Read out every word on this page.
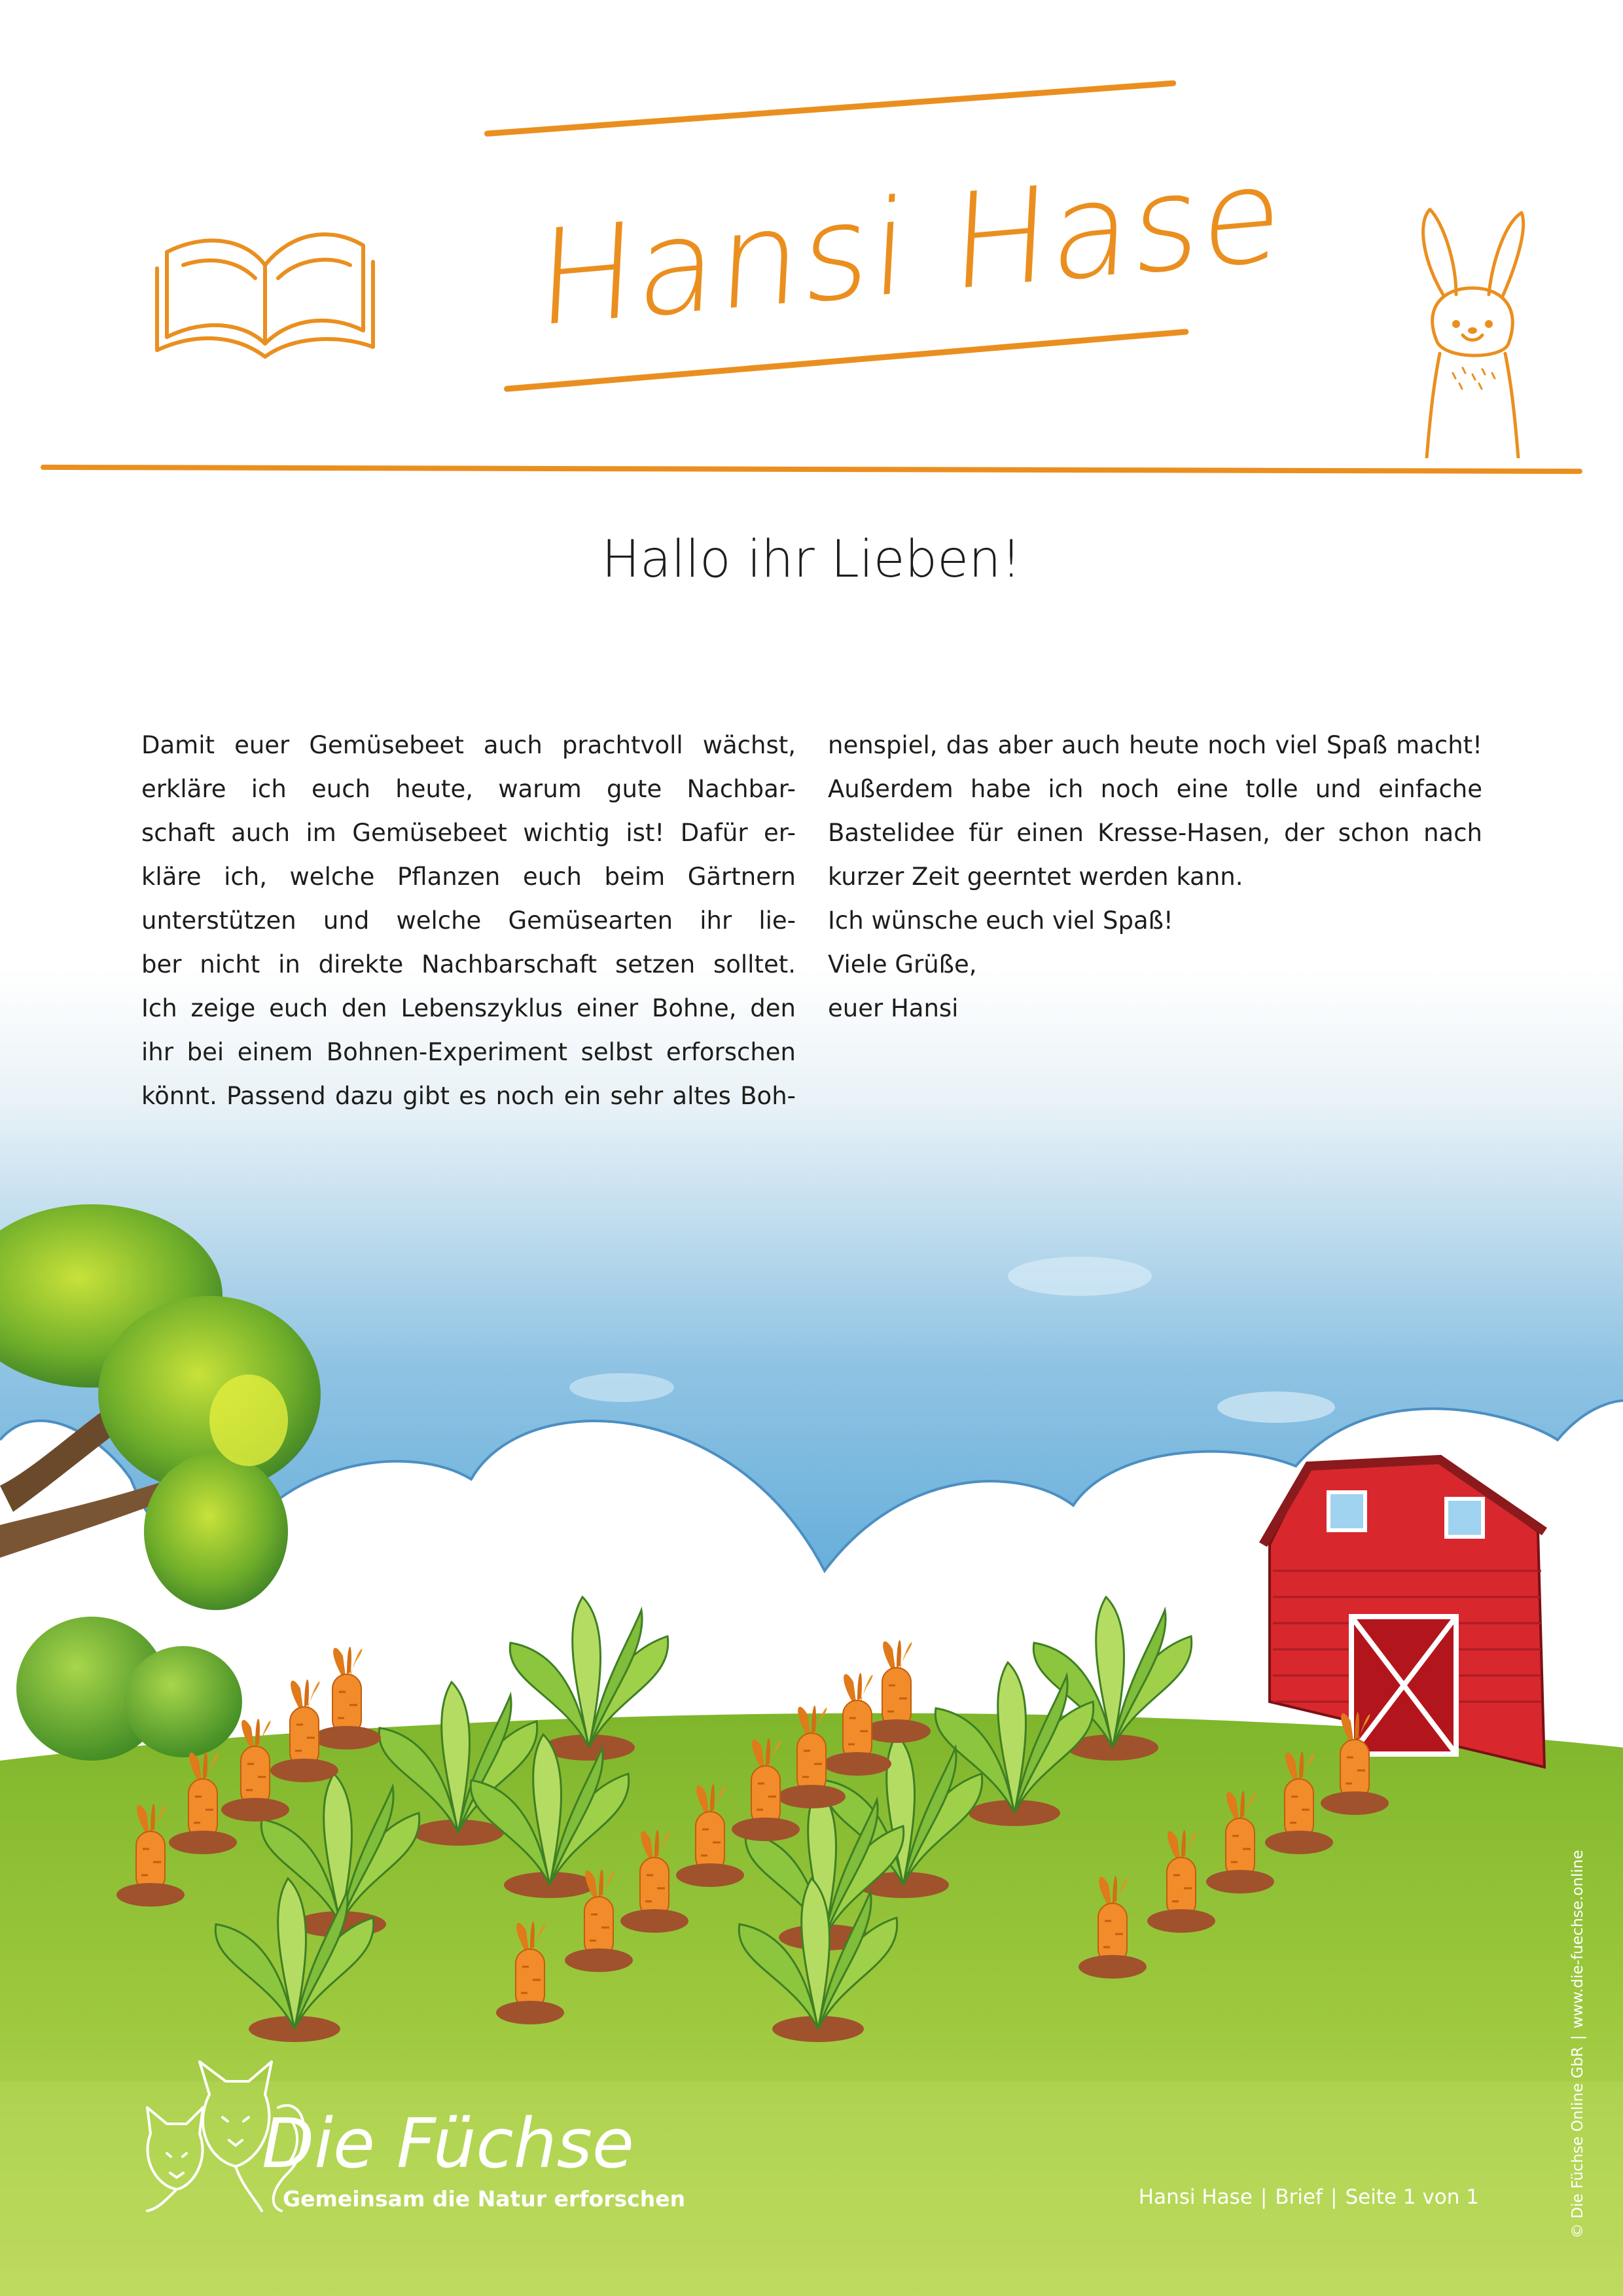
Hansi Hase
Hallo ihr Lieben!
Damit euer Gemüsebeet auch prachtvoll wächst,
erkläre ich euch heute, warum gute Nachbar-
schaft auch im Gemüsebeet wichtig ist! Dafür er-
kläre ich, welche Pflanzen euch beim Gärtnern
unterstützen und welche Gemüsearten ihr lie-
ber nicht in direkte Nachbarschaft setzen solltet.
Ich zeige euch den Lebenszyklus einer Bohne, den
ihr bei einem Bohnen-Experiment selbst erforschen
könnt. Passend dazu gibt es noch ein sehr altes Boh-
nenspiel, das aber auch heute noch viel Spaß macht!
Außerdem habe ich noch eine tolle und einfache
Bastelidee für einen Kresse-Hasen, der schon nach
kurzer Zeit geerntet werden kann.
Ich wünsche euch viel Spaß!
Viele Grüße,
euer Hansi
Die Füchse
Gemeinsam die Natur erforschen	Hansi Hase | Brief | Seite 1 von 1	© Die Füchse Online GbR|www.die-fuechse.online
